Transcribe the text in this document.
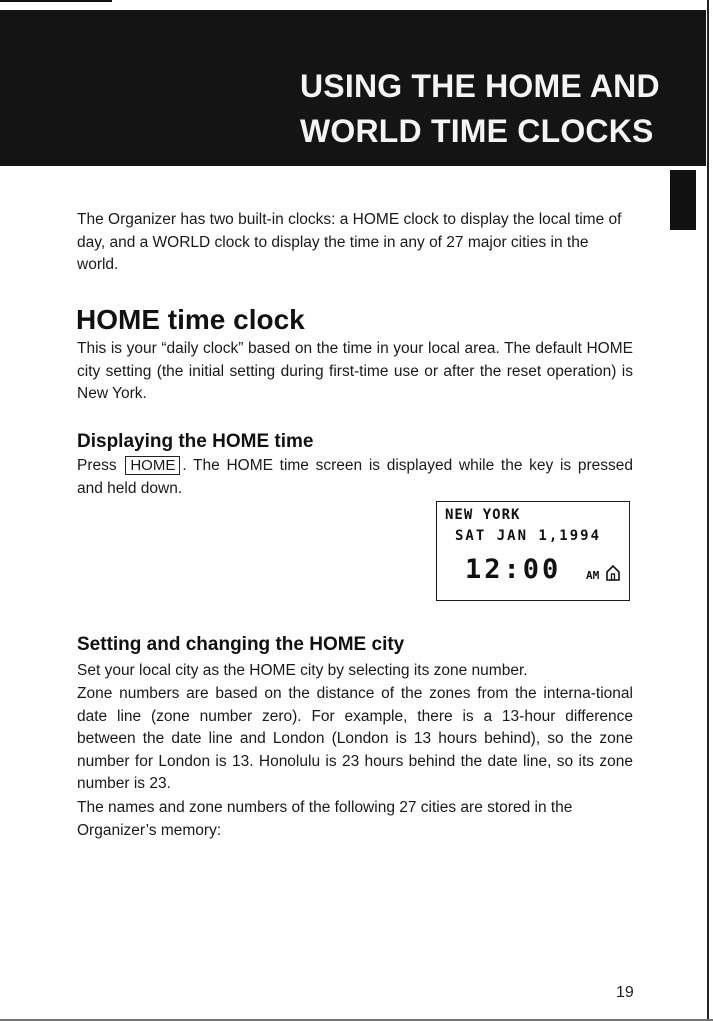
USING THE HOME AND
WORLD TIME CLOCKS
The Organizer has two built-in clocks: a HOME clock to display the local time of day, and a WORLD clock to display the time in any of 27 major cities in the world.
HOME time clock
This is your “daily clock” based on the time in your local area. The default HOME city setting (the initial setting during first-time use or after the reset operation) is New York.
Displaying the HOME time
Press HOME . The HOME time screen is displayed while the key is pressed and held down.
NEW YORK
SAT JAN 1,1994
12:00 AM
Setting and changing the HOME city
Set your local city as the HOME city by selecting its zone number.
Zone numbers are based on the distance of the zones from the interna-tional date line (zone number zero). For example, there is a 13-hour difference between the date line and London (London is 13 hours behind), so the zone number for London is 13. Honolulu is 23 hours behind the date line, so its zone number is 23.
The names and zone numbers of the following 27 cities are stored in the Organizer’s memory:
19
